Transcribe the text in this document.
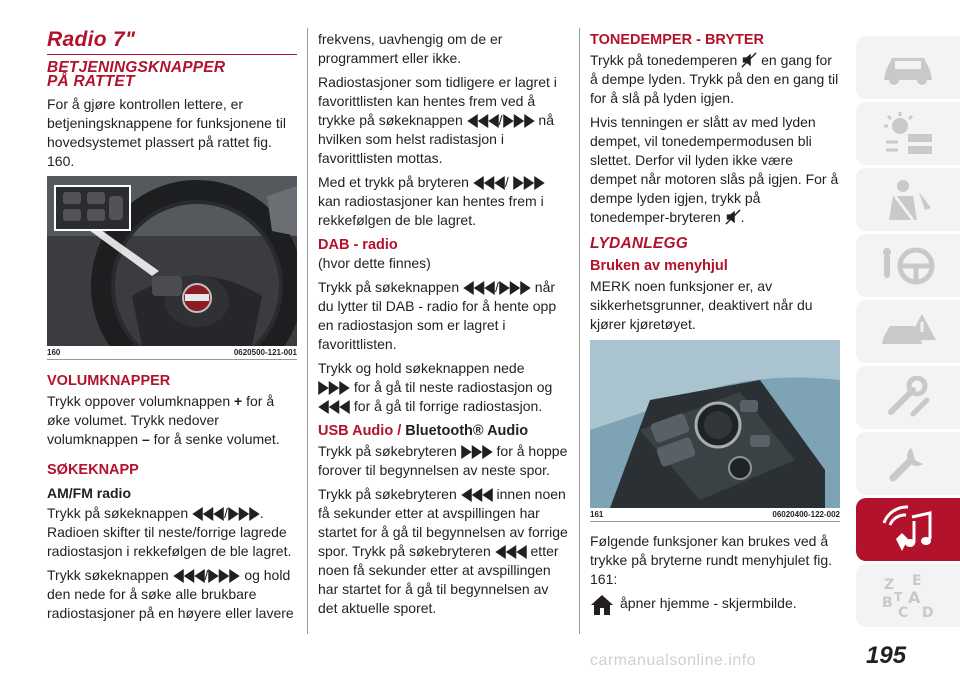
Radio 7"
BETJENINGSKNAPPER
PÅ RATTET

For å gjøre kontrollen lettere, er betjeningsknappene for funksjonene til hovedsystemet plassert på rattet fig. 160.

160	0620500-121-001
VOLUMKNAPPER

Trykk oppover volumknappen + for å øke volumet. Trykk nedover volumknappen – for å senke volumet.

SØKEKNAPP
AM/FM radio

Trykk på søkeknappen	/ . Radioen skifter til neste/forrige lagrede radiostasjon i rekkefølgen de ble lagret.

Trykk søkeknappen	/	og hold den nede for å søke alle brukbare radiostasjoner på en høyere eller lavere

frekvens, uavhengig om de er programmert eller ikke.

Radiostasjoner som tidligere er lagret i favorittlisten kan hentes frem ved å trykke på søkeknappen	/	nå hvilken som helst radistasjon i favorittlisten mottas.

Med et trykk på bryteren	/  kan radiostasjoner kan hentes frem i rekkefølgen de ble lagret.

DAB - radio

(hvor dette finnes)

Trykk på søkeknappen	/	når du lytter til DAB - radio for å hente opp en radiostasjon som er lagret i favorittlisten.

Trykk og hold søkeknappen nede
for å gå til neste radiostasjon og
for å gå til forrige radiostasjon.

USB Audio / Bluetooth® Audio

Trykk på søkebryteren	for å hoppe forover til begynnelsen av neste spor.

Trykk på søkebryteren	innen noen få sekunder etter at avspillingen har startet for å gå til begynnelsen av forrige spor. Trykk på søkebryteren	etter noen få sekunder etter at avspillingen har startet for å gå til begynnelsen av det aktuelle sporet.

TONEDEMPER - BRYTER

Trykk på tonedemperen en gang for å dempe lyden. Trykk på den en gang til for å slå på lyden igjen.

Hvis tenningen er slått av med lyden dempet, vil tonedempermodusen bli slettet. Derfor vil lyden ikke være dempet når motoren slås på igjen. For å dempe lyden igjen, trykk på tonedemper-bryteren .

LYDANLEGG
Bruken av menyhjul

MERK noen funksjoner er, av sikkerhetsgrunner, deaktivert når du kjører kjøretøyet.

161	06020400-122-002

Følgende funksjoner kan brukes ved å trykke på bryterne rundt menyhjulet fig. 161:

åpner hjemme - skjermbilde.

Z E
A
B
C D
T
195
carmanualsonline.info
